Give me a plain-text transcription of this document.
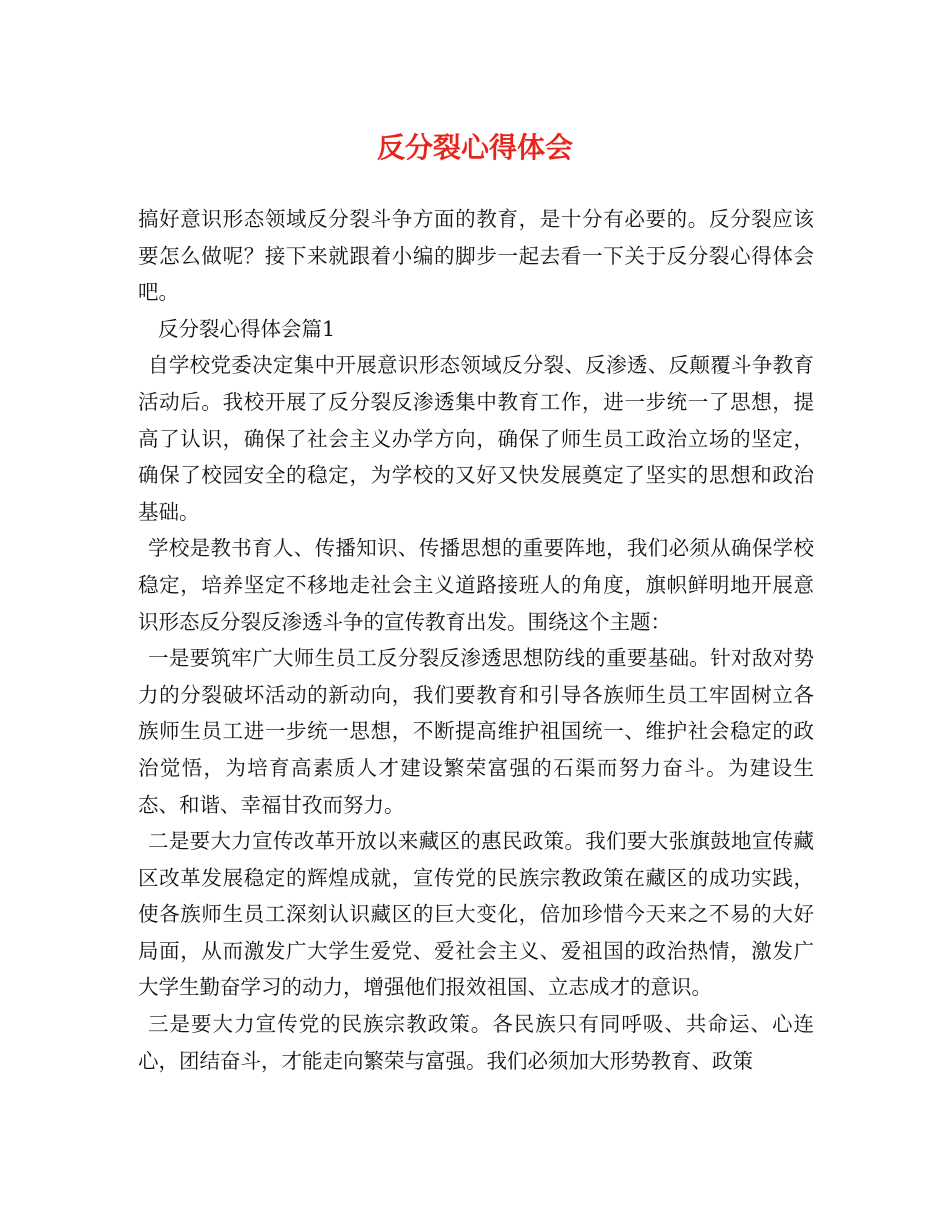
反分裂心得体会

搞好意识形态领域反分裂斗争方面的教育，是十分有必要的。反分裂应该要怎么做呢？接下来就跟着小编的脚步一起去看一下关于反分裂心得体会吧。

反分裂心得体会篇1

自学校党委决定集中开展意识形态领域反分裂、反渗透、反颠覆斗争教育活动后。我校开展了反分裂反渗透集中教育工作，进一步统一了思想，提高了认识，确保了社会主义办学方向，确保了师生员工政治立场的坚定，确保了校园安全的稳定，为学校的又好又快发展奠定了坚实的思想和政治基础。

学校是教书育人、传播知识、传播思想的重要阵地，我们必须从确保学校稳定，培养坚定不移地走社会主义道路接班人的角度，旗帜鲜明地开展意识形态反分裂反渗透斗争的宣传教育出发。围绕这个主题：

一是要筑牢广大师生员工反分裂反渗透思想防线的重要基础。针对敌对势力的分裂破坏活动的新动向，我们要教育和引导各族师生员工牢固树立各族师生员工进一步统一思想，不断提高维护祖国统一、维护社会稳定的政治觉悟，为培育高素质人才建设繁荣富强的石渠而努力奋斗。为建设生态、和谐、幸福甘孜而努力。

二是要大力宣传改革开放以来藏区的惠民政策。我们要大张旗鼓地宣传藏区改革发展稳定的辉煌成就，宣传党的民族宗教政策在藏区的成功实践，使各族师生员工深刻认识藏区的巨大变化，倍加珍惜今天来之不易的大好局面，从而激发广大学生爱党、爱社会主义、爱祖国的政治热情，激发广大学生勤奋学习的动力，增强他们报效祖国、立志成才的意识。

三是要大力宣传党的民族宗教政策。各民族只有同呼吸、共命运、心连心，团结奋斗，才能走向繁荣与富强。我们必须加大形势教育、政策
